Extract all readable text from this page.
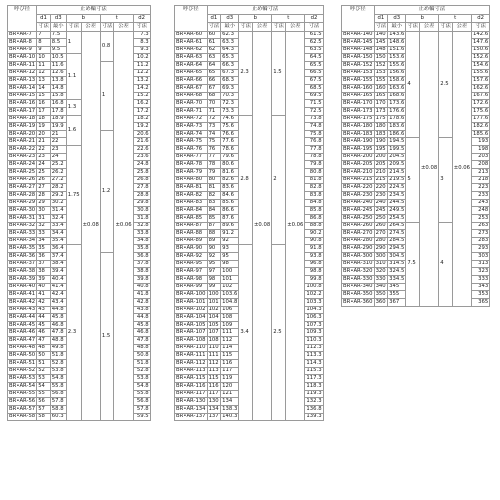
呼び径	止め輪寸法						
	d1	d3	b		t		d2
	寸法	最小	寸法	公差	寸法	公差	寸法
BR•AR-7	7	7.5	1	±0.08	0.8	±0.06	7.3
BR•AR-8	8	8.5					8.3
BR•AR-9	9	9.5					9.3
BR•AR-10	10	10.5	1.1				10.2
BR•AR-11	11	11.6			1		11.2
BR•AR-12	12	12.6					12.2
BR•AR-13	13	13.8					13.2
BR•AR-14	14	14.8					14.2
BR•AR-15	15	15.8					15.2
BR•AR-16	16	16.8	1.3				16.2
BR•AR-17	17	17.8					17.2
BR•AR-18	18	18.9	1.6				18.2
BR•AR-19	19	19.9					19.2
BR•AR-20	20	21			1.2		20.6
BR•AR-21	21	22					21.6
BR•AR-22	22	23	1.75				22.6
BR•AR-23	23	24					23.6
BR•AR-24	24	25.2					24.8
BR•AR-25	25	26.2					25.8
BR•AR-26	26	27.2					26.8
BR•AR-27	27	28.2					27.8
BR•AR-28	28	29.2					28.8
BR•AR-29	29	30.2					29.8
BR•AR-30	30	31.4					30.8
BR•AR-31	31	32.4					31.8
BR•AR-32	32	33.4					32.8
BR•AR-33	33	34.4					33.8
BR•AR-34	34	35.4					34.8
BR•AR-35	35	36.4	2.3				35.8
BR•AR-36	36	37.4			1.5		36.8
BR•AR-37	37	38.4					37.8
BR•AR-38	38	39.4					38.8
BR•AR-39	39	40.4					39.8
BR•AR-40	40	41.4					40.8
BR•AR-41	41	42.4					41.8
BR•AR-42	42	43.4					42.8
BR•AR-43	43	44.8					43.8
BR•AR-44	44	45.8					44.8
BR•AR-45	45	46.8					45.8
BR•AR-46	46	47.8					46.8
BR•AR-47	47	48.8					47.8
BR•AR-48	48	49.8					48.8
BR•AR-50	50	51.8					50.8
BR•AR-51	51	52.8					51.8
BR•AR-52	52	53.8					52.8
BR•AR-53	53	54.8					53.8
BR•AR-54	54	55.8					54.8
BR•AR-55	55	56.8					55.8
BR•AR-56	56	57.8					56.8
BR•AR-57	57	58.8					57.8
BR•AR-58	58	60.3					59.5
呼び径	止め輪寸法						
	d1	d3	b		t		d2
	寸法	最小	寸法	公差	寸法	公差	寸法
BR•AR-60	60	62.3	2.3	±0.08	1.5	±0.06	61.5
BR•AR-61	61	63.3					62.5
BR•AR-62	62	64.3					63.5
BR•AR-63	63	65.3					64.5
BR•AR-64	64	66.3					65.5
BR•AR-65	65	67.3					66.5
BR•AR-66	66	68.3					67.5
BR•AR-67	67	69.3					68.5
BR•AR-68	68	70.3					69.5
BR•AR-70	70	72.3					71.5
BR•AR-71	71	73.3					72.5
BR•AR-72	72	74.6	2.8		2		73.8
BR•AR-73	73	75.6					74.8
BR•AR-74	74	76.6					75.8
BR•AR-75	75	77.6					76.8
BR•AR-76	76	78.6					77.8
BR•AR-77	77	79.6					78.8
BR•AR-78	78	80.6					79.8
BR•AR-79	79	81.6					80.8
BR•AR-80	80	82.6					81.8
BR•AR-81	81	83.6					82.8
BR•AR-82	82	84.6					83.8
BR•AR-83	83	85.6					84.8
BR•AR-84	84	86.6					85.8
BR•AR-85	85	87.6					86.8
BR•AR-87	87	89.6					88.8
BR•AR-88	88	91.2					90.2
BR•AR-89	89	92					90.8
BR•AR-90	90	93	3.4		2.5		91.8
BR•AR-92	92	95					93.8
BR•AR-95	95	98					96.8
BR•AR-97	97	100					98.8
BR•AR-98	98	101					99.8
BR•AR-99	99	102					100.8
BR•AR-100	100	103.6					102.2
BR•AR-101	101	104.8					103.3
BR•AR-102	102	106					104.3
BR•AR-104	104	108					106.3
BR•AR-105	105	109					107.3
BR•AR-107	107	111					109.3
BR•AR-108	108	112					110.3
BR•AR-110	110	114					112.3
BR•AR-111	111	115					113.3
BR•AR-112	112	116					114.3
BR•AR-113	113	117					115.3
BR•AR-115	115	119					117.3
BR•AR-116	116	120					118.3
BR•AR-117	117	121					119.3
BR•AR-130	130	134					132.3
BR•AR-134	134	138.3					136.8
BR•AR-137	137	140.3					139.3
呼び径	止め輪寸法						
	d1	d3	b		t		d2
	寸法	最小	寸法	公差	寸法	公差	寸法
BR•AR-140	140	143.6	4	±0.08	2.5	±0.06	142.6
BR•AR-145	145	148.6					147.6
BR•AR-148	148	151.6					150.6
BR•AR-150	150	153.6					152.6
BR•AR-152	152	155.6					154.6
BR•AR-153	153	156.6					155.6
BR•AR-155	155	158.6					157.6
BR•AR-160	160	163.6					162.6
BR•AR-165	165	168.6					167.6
BR•AR-170	170	173.6					172.6
BR•AR-173	173	176.6					175.6
BR•AR-175	175	178.6					177.6
BR•AR-180	180	183.6					182.6
BR•AR-183	183	186.6					185.6
BR•AR-190	190	194.5	5		3		193
BR•AR-195	195	199.5					198
BR•AR-200	200	204.5					203
BR•AR-205	205	209.5					208
BR•AR-210	210	214.5					213
BR•AR-215	215	219.5					218
BR•AR-220	220	224.5					223
BR•AR-230	230	234.5					233
BR•AR-240	240	244.5					243
BR•AR-245	245	249.5					248
BR•AR-250	250	254.5					253
BR•AR-260	260	264.5	7.5		4		263
BR•AR-270	270	274.5					273
BR•AR-280	280	284.5					283
BR•AR-290	290	294.5					293
BR•AR-300	300	304.5					303
BR•AR-310	310	314.5					313
BR•AR-320	320	324.5					323
BR•AR-330	330	334.5					333
BR•AR-340	340	345					343
BR•AR-350	350	355					353
BR•AR-360	360	367					365
